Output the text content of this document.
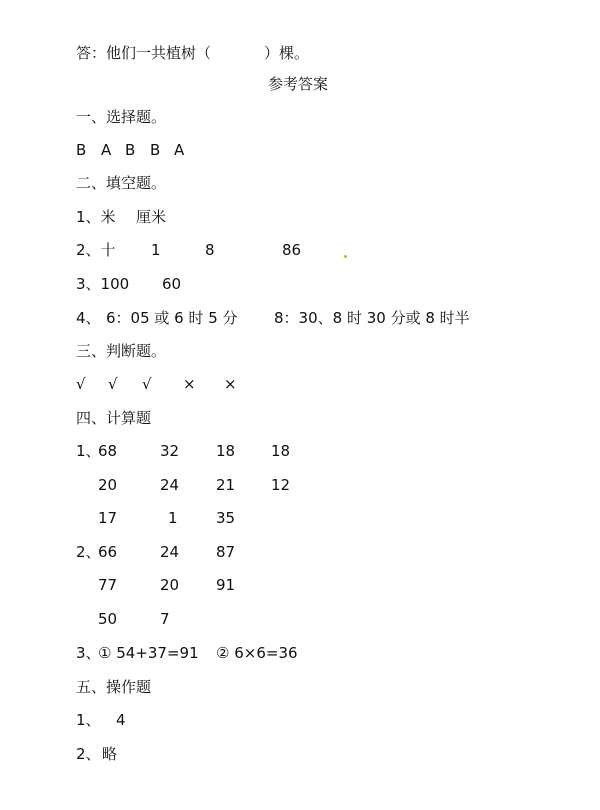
答：他们一共植树（	）棵。
参考答案
一、选择题。
B A B B A
二、填空题。
1、米 厘米
2、十 1	8	86
3、100 60
4、 6：05 或 6 时 5 分 8：30、8 时 30 分或 8 时半
三、判断题。
√ √ √ × ×
四、计算题
1、
68	32 18 18
20	24 21 12
17	1	35
2、
66	24 87
77	20 91
50	7
3、
① 54+37=91 ② 6×6=36
五、操作题
1、 4
2、 略
